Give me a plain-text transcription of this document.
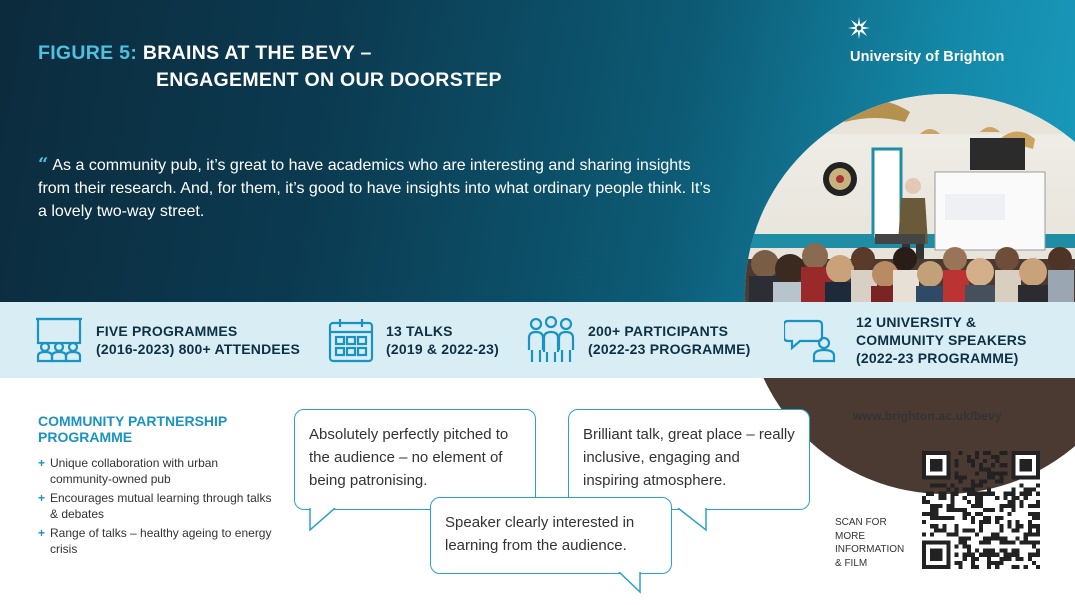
FIGURE 5: BRAINS AT THE BEVY –
ENGAGEMENT ON OUR DOORSTEP
University of Brighton
“ As a community pub, it’s great to have academics who are interesting and sharing insights from their research. And, for them, it’s good to have insights into what ordinary people think. It’s a lovely two-way street.
FIVE PROGRAMMES
(2016-2023) 800+ ATTENDEES
13 TALKS
(2019 & 2022-23)
200+ PARTICIPANTS
(2022-23 PROGRAMME)
12 UNIVERSITY &
COMMUNITY SPEAKERS
(2022-23 PROGRAMME)
COMMUNITY PARTNERSHIP PROGRAMME
+ Unique collaboration with urban community-owned pub
+ Encourages mutual learning through talks & debates
+ Range of talks – healthy ageing to energy crisis
Absolutely perfectly pitched to the audience – no element of being patronising.
Brilliant talk, great place – really inclusive, engaging and inspiring atmosphere.
Speaker clearly interested in learning from the audience.
www.brighton.ac.uk/bevy
SCAN FOR
MORE
INFORMATION
& FILM
